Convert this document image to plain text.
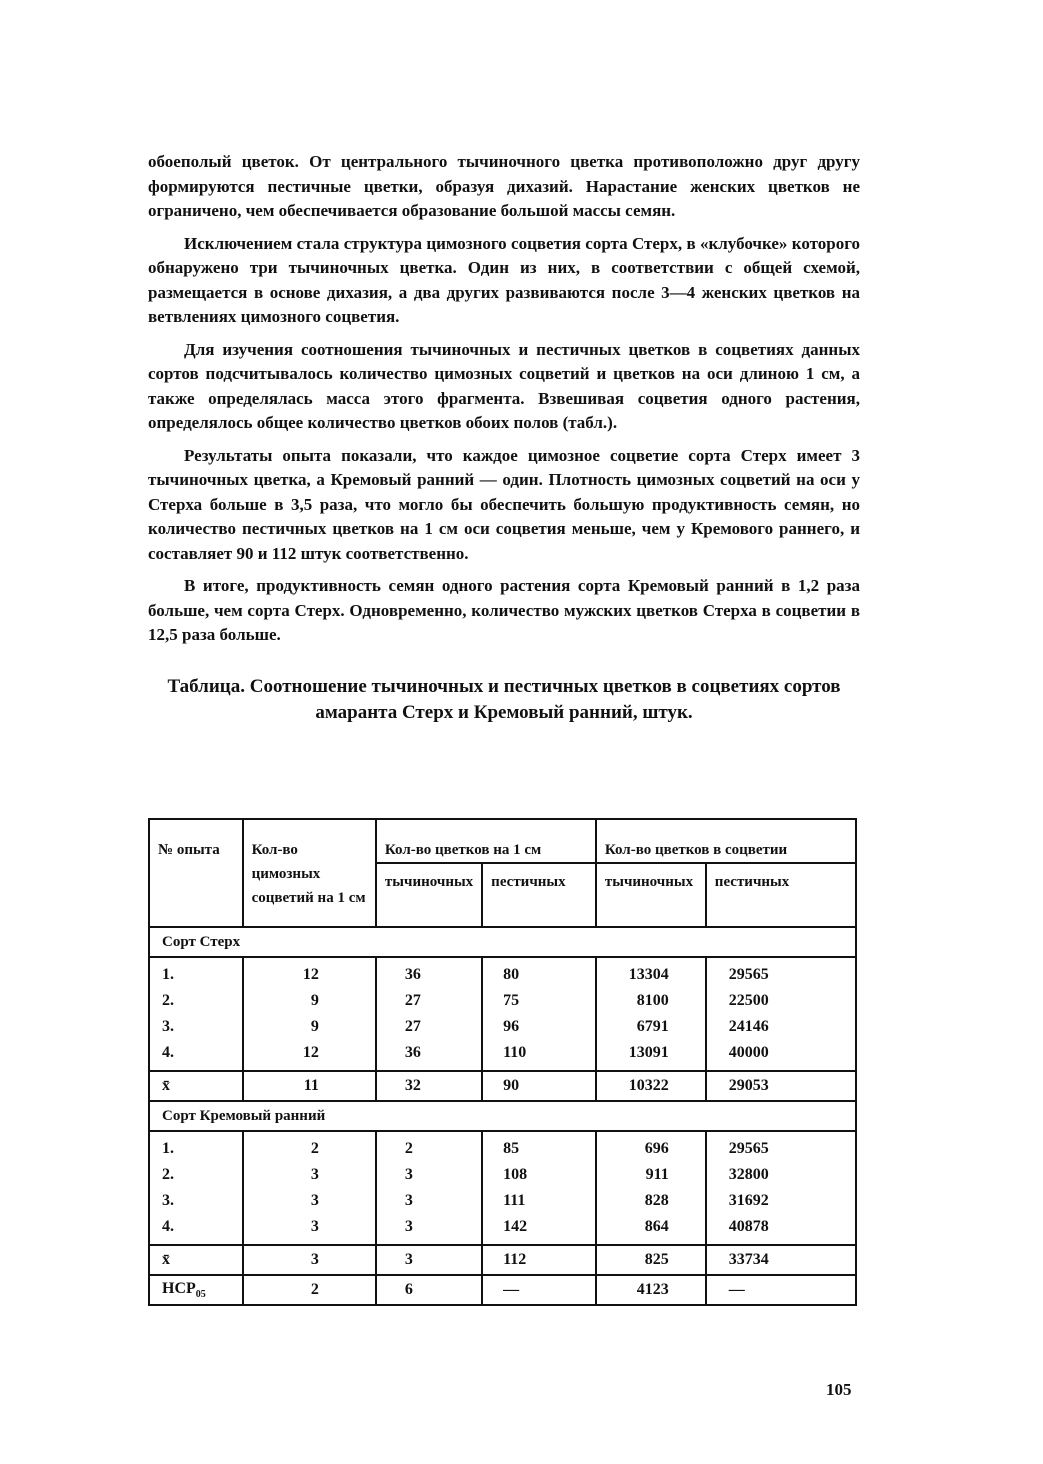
обоеполый цветок. От центрального тычиночного цветка противоположно друг другу формируются пестичные цветки, образуя дихазий. Нарастание женских цветков не ограничено, чем обеспечивается образование большой массы семян.

Исключением стала структура цимозного соцветия сорта Стерх, в «клубочке» которого обнаружено три тычиночных цветка. Один из них, в соответствии с общей схемой, размещается в основе дихазия, а два других развиваются после 3—4 женских цветков на ветвлениях цимозного соцветия.

Для изучения соотношения тычиночных и пестичных цветков в соцветиях данных сортов подсчитывалось количество цимозных соцветий и цветков на оси длиною 1 см, а также определялась масса этого фрагмента. Взвешивая соцветия одного растения, определялось общее количество цветков обоих полов (табл.).

Результаты опыта показали, что каждое цимозное соцветие сорта Стерх имеет 3 тычиночных цветка, а Кремовый ранний — один. Плотность цимозных соцветий на оси у Стерха больше в 3,5 раза, что могло бы обеспечить большую продуктивность семян, но количество пестичных цветков на 1 см оси соцветия меньше, чем у Кремового раннего, и составляет 90 и 112 штук соответственно.

В итоге, продуктивность семян одного растения сорта Кремовый ранний в 1,2 раза больше, чем сорта Стерх. Одновременно, количество мужских цветков Стерха в соцветии в 12,5 раза больше.

Таблица. Соотношение тычиночных и пестичных цветков в соцветиях сортов амаранта Стерх и Кремовый ранний, штук.

№ опыта	Кол-во цимозных соцветий на 1 см	Кол-во цветков на 1 см		Кол-во цветков в соцветии	
		тычиночных	пестичных	тычиночных	пестичных
Сорт Стерх					
1.	12	36	80	13304	29565
2.	9	27	75	8100	22500
3.	9	27	96	6791	24146
4.	12	36	110	13091	40000
x̄	11	32	90	10322	29053
Сорт Кремовый ранний					
1.	2	2	85	696	29565
2.	3	3	108	911	32800
3.	3	3	111	828	31692
4.	3	3	142	864	40878
x̄	3	3	112	825	33734
$НСР_{05}$	2	6	—	4123	—
105
